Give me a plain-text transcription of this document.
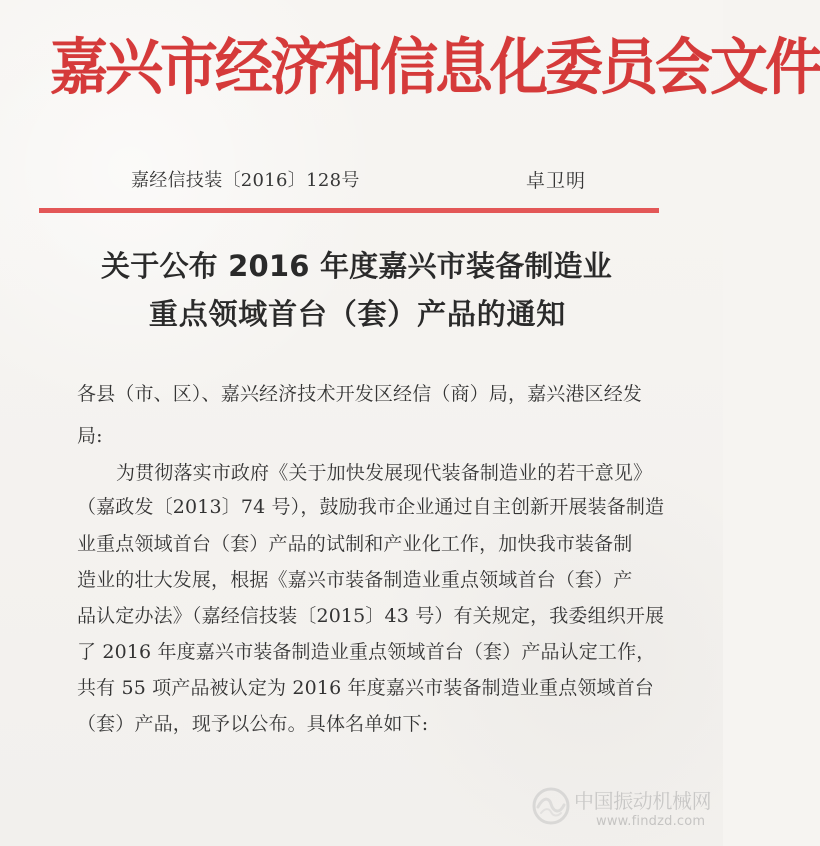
嘉兴市经济和信息化委员会文件
嘉经信技装〔2016〕128号	卓卫明
关于公布 2016 年度嘉兴市装备制造业
重点领域首台（套）产品的通知
各县（市、区）、嘉兴经济技术开发区经信（商）局，嘉兴港区经发
局:
为贯彻落实市政府《关于加快发展现代装备制造业的若干意见》
（嘉政发〔2013〕74 号），鼓励我市企业通过自主创新开展装备制造
业重点领域首台（套）产品的试制和产业化工作，加快我市装备制
造业的壮大发展，根据《嘉兴市装备制造业重点领域首台（套）产
品认定办法》（嘉经信技装〔2015〕43 号）有关规定，我委组织开展
了 2016 年度嘉兴市装备制造业重点领域首台（套）产品认定工作，
共有 55 项产品被认定为 2016 年度嘉兴市装备制造业重点领域首台
（套）产品，现予以公布。具体名单如下:
中国振动机械网
www.findzd.com
